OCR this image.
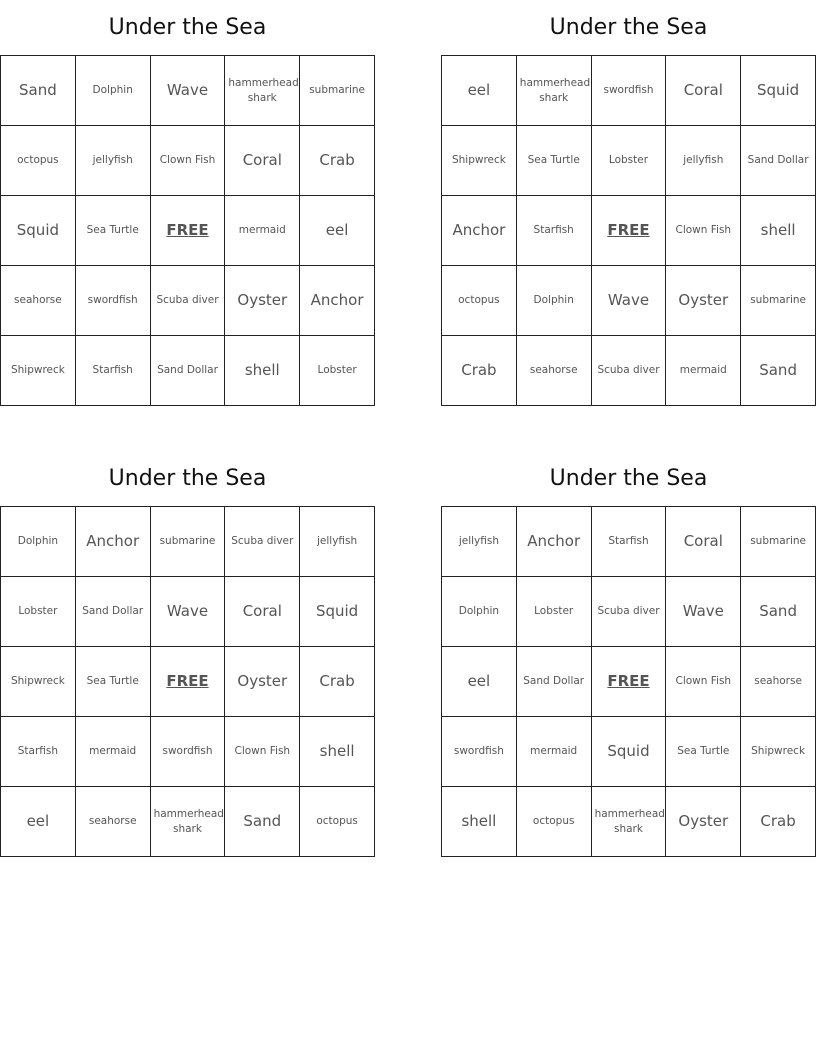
Under the Sea
Sand	Dolphin	Wave	hammerhead shark	submarine
octopus	jellyfish	Clown Fish	Coral	Crab
Squid	Sea Turtle	FREE	mermaid	eel
seahorse	swordfish	Scuba diver	Oyster	Anchor
Shipwreck	Starfish	Sand Dollar	shell	Lobster
Under the Sea
eel	hammerhead shark	swordfish	Coral	Squid
Shipwreck	Sea Turtle	Lobster	jellyfish	Sand Dollar
Anchor	Starfish	FREE	Clown Fish	shell
octopus	Dolphin	Wave	Oyster	submarine
Crab	seahorse	Scuba diver	mermaid	Sand
Under the Sea
Dolphin	Anchor	submarine	Scuba diver	jellyfish
Lobster	Sand Dollar	Wave	Coral	Squid
Shipwreck	Sea Turtle	FREE	Oyster	Crab
Starfish	mermaid	swordfish	Clown Fish	shell
eel	seahorse	hammerhead shark	Sand	octopus
Under the Sea
jellyfish	Anchor	Starfish	Coral	submarine
Dolphin	Lobster	Scuba diver	Wave	Sand
eel	Sand Dollar	FREE	Clown Fish	seahorse
swordfish	mermaid	Squid	Sea Turtle	Shipwreck
shell	octopus	hammerhead shark	Oyster	Crab
